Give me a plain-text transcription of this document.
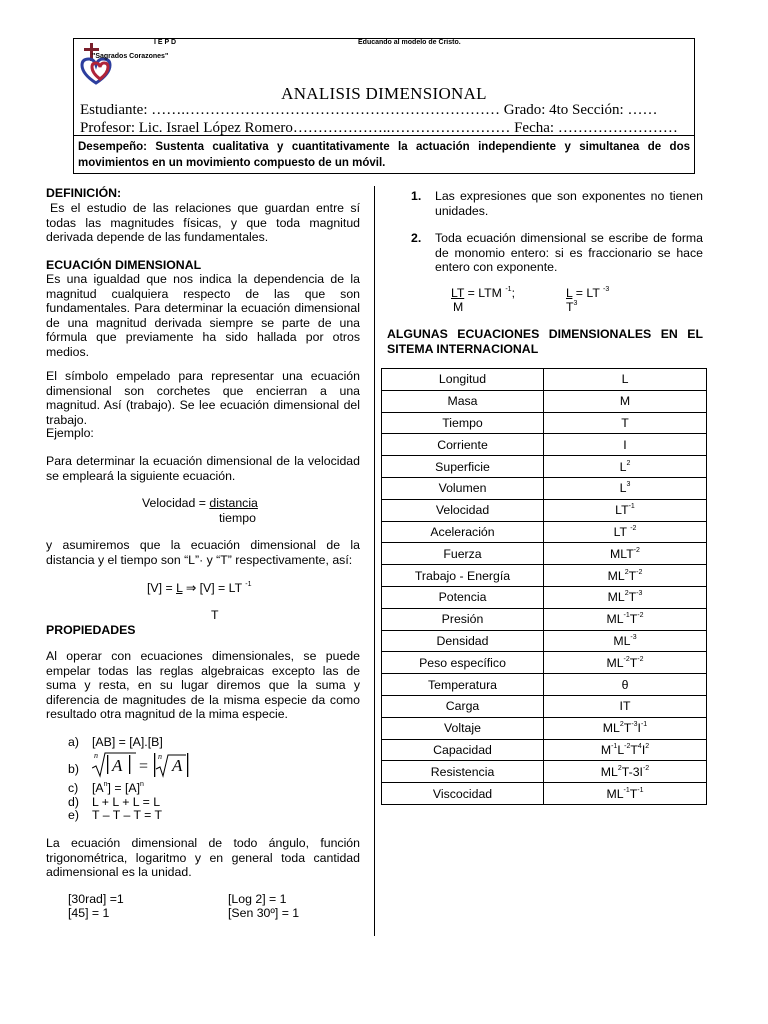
I E P D
"Sagrados Corazones"
Educando al modelo de Cristo.
ANALISIS DIMENSIONAL
Estudiante: …….……………………………………………………… Grado: 4to Sección: ……
Profesor: Lic. Israel López Romero………………..…………………… Fecha: ……………………
Desempeño: Sustenta cualitativa y cuantitativamente la actuación independiente y simultanea de dos movimientos en un movimiento compuesto de un móvil.
DEFINICIÓN:
Es el estudio de las relaciones que guardan entre sí todas las magnitudes físicas, y que toda magnitud derivada depende de las fundamentales.
ECUACIÓN DIMENSIONAL
Es una igualdad que nos indica la dependencia de la magnitud cualquiera respecto de las que son fundamentales. Para determinar la ecuación dimensional de una magnitud derivada siempre se parte de una fórmula que previamente ha sido hallada por otros medios.
El símbolo empelado para representar una ecuación dimensional son corchetes que encierran a una magnitud. Así (trabajo). Se lee ecuación dimensional del trabajo.
Ejemplo:
Para determinar la ecuación dimensional de la velocidad se empleará la siguiente ecuación.
Velocidad = distancia
tiempo
y asumiremos que la ecuación dimensional de la distancia y el tiempo son “L”· y “T” respectivamente, así:
[V] = L ⇒ [V] = LT $^{-1}$
T
PROPIEDADES
Al operar con ecuaciones dimensionales, se puede empelar todas las reglas algebraicas excepto las de suma y resta, en su lugar diremos que la suma y diferencia de magnitudes de la misma especie da como resultado otra magnitud de la mima especie.
a) [AB] = [A].[B]
b)
n
A =
n A
c) $[A^n] = [A]^n$
d) L + L + L = L
e) T – T – T = T
La ecuación dimensional de todo ángulo, función trigonométrica, logaritmo y en general toda cantidad adimensional es la unidad.
[30rad] =1	[Log 2] = 1
[45] = 1	[Sen 30º] = 1
1. Las expresiones que son exponentes no tienen unidades.
2. Toda ecuación dimensional se escribe de forma de monomio entero: si es fraccionario se hace entero con exponente.
LT = LTM $^{-1}$;
M
L = LT $^{-3}$
$T^3$
ALGUNAS ECUACIONES DIMENSIONALES EN EL SITEMA INTERNACIONAL
Longitud	L
Masa	M
Tiempo	T
Corriente	I
Superficie	$L^2$
Volumen	$L^3$
Velocidad	$LT^{-1}$
Aceleración	LT $^{-2}$
Fuerza	$MLT^{-2}$
Trabajo - Energía	$ML^2T^{-2}$
Potencia	$ML^2T^{-3}$
Presión	$ML^{-1}T^{-2}$
Densidad	$ML^{-3}$
Peso específico	$ML^{-2}T^{-2}$
Temperatura	θ
Carga	IT
Voltaje	$ML^2T^{-3}I^{-1}$
Capacidad	$M^{-1}L^{-2}T^4I^2$
Resistencia	$ML^2T-3I^{-2}$
Viscocidad	$ML^{-1}T^{-1}$
